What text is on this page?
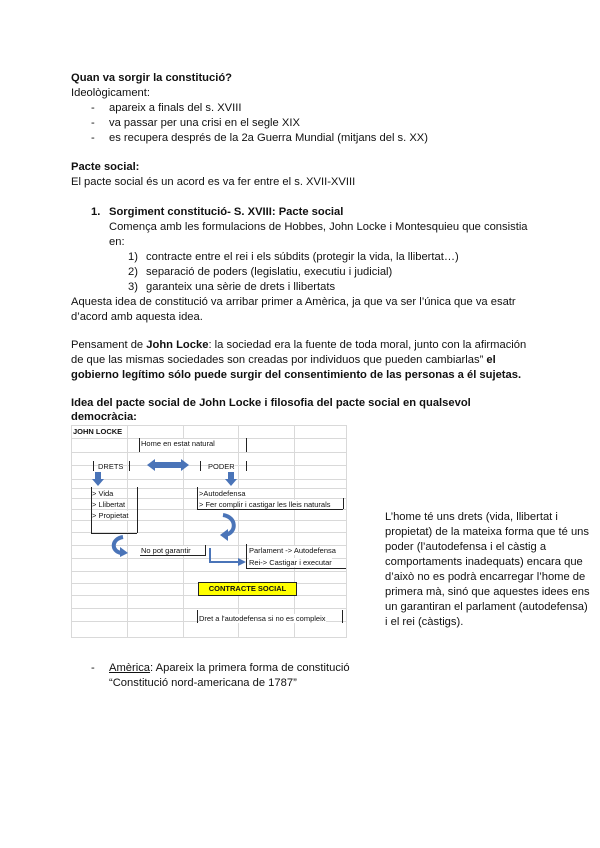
Quan va sorgir la constitució?
Ideològicament:
- apareix a finals del s. XVIII
- va passar per una crisi en el segle XIX
- es recupera després de la 2a Guerra Mundial (mitjans del s. XX)
Pacte social:
El pacte social és un acord es va fer entre el s. XVII-XVIII
1. Sorgiment constitució- S. XVIII: Pacte social
Comença amb les formulacions de Hobbes, John Locke i Montesquieu que consistia
en:
1) contracte entre el rei i els súbdits (protegir la vida, la llibertat…)
2) separació de poders (legislatiu, executiu i judicial)
3) garanteix una sèrie de drets i llibertats
Aquesta idea de constitució va arribar primer a Amèrica, ja que va ser l’única que va esatr
d’acord amb aquesta idea.
Pensament de John Locke: la sociedad era la fuente de toda moral, junto con la afirmación
de que las mismas sociedades son creadas por individuos que pueden cambiarlas” el
gobierno legítimo sólo puede surgir del consentimiento de las personas a él sujetas.
Idea del pacte social de John Locke i filosofia del pacte social en qualsevol
democràcia:
JOHN LOCKE
Home en estat natural
DRETS	PODER
> Vida
> Llibertat
> Propietat
>Autodefensa
> Fer complir i castigar les lleis naturals
No pot garantir	Parlament -> Autodefensa
Rei-> Castigar i executar
CONTRACTE SOCIAL
Dret a l'autodefensa si no es compleix
L’home té uns drets (vida, llibertat i propietat) de la mateixa forma que té uns poder (l’autodefensa i el càstig a comportaments inadequats) encara que d’això no es podrà encarregar l’home de primera mà, sinó que aquestes idees ens un garantiran el parlament (autodefensa) i el rei (càstigs).
- Amèrica: Apareix la primera forma de constitució
“Constitució nord-americana de 1787”
